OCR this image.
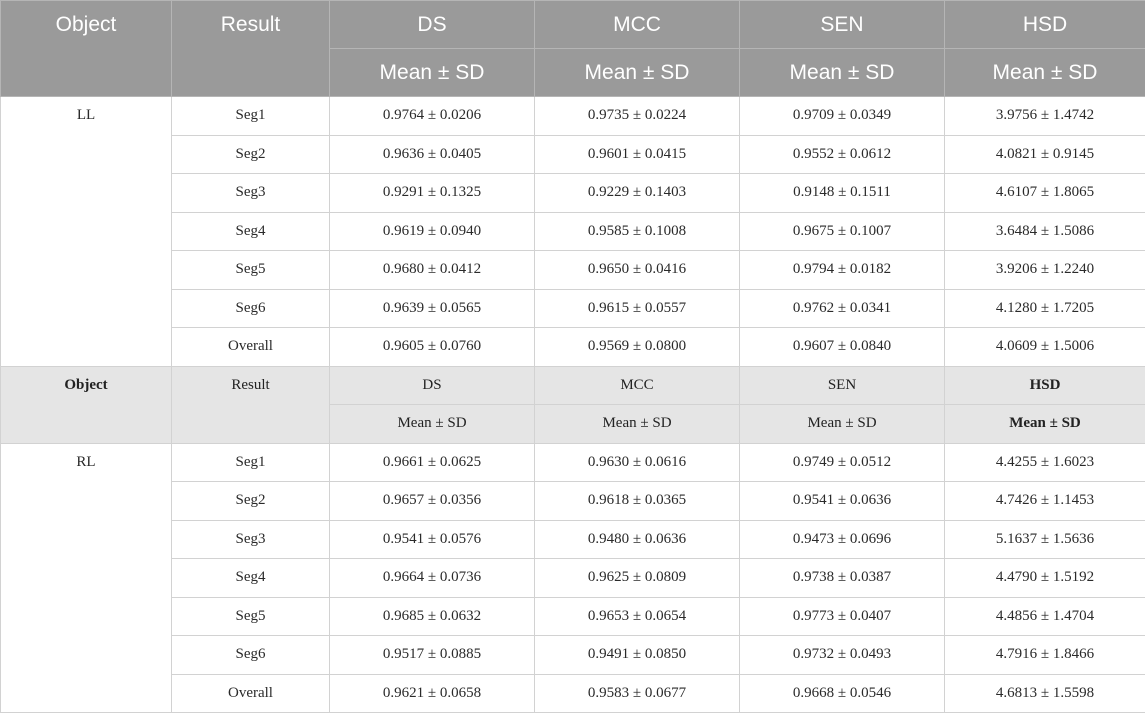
Object	Result	DS	MCC	SEN	HSD
		Mean ± SD	Mean ± SD	Mean ± SD	Mean ± SD
LL	Seg1	0.9764 ± 0.0206	0.9735 ± 0.0224	0.9709 ± 0.0349	3.9756 ± 1.4742
	Seg2	0.9636 ± 0.0405	0.9601 ± 0.0415	0.9552 ± 0.0612	4.0821 ± 0.9145
	Seg3	0.9291 ± 0.1325	0.9229 ± 0.1403	0.9148 ± 0.1511	4.6107 ± 1.8065
	Seg4	0.9619 ± 0.0940	0.9585 ± 0.1008	0.9675 ± 0.1007	3.6484 ± 1.5086
	Seg5	0.9680 ± 0.0412	0.9650 ± 0.0416	0.9794 ± 0.0182	3.9206 ± 1.2240
	Seg6	0.9639 ± 0.0565	0.9615 ± 0.0557	0.9762 ± 0.0341	4.1280 ± 1.7205
	Overall	0.9605 ± 0.0760	0.9569 ± 0.0800	0.9607 ± 0.0840	4.0609 ± 1.5006
Object	Result	DS	MCC	SEN	HSD
		Mean ± SD	Mean ± SD	Mean ± SD	Mean ± SD
RL	Seg1	0.9661 ± 0.0625	0.9630 ± 0.0616	0.9749 ± 0.0512	4.4255 ± 1.6023
	Seg2	0.9657 ± 0.0356	0.9618 ± 0.0365	0.9541 ± 0.0636	4.7426 ± 1.1453
	Seg3	0.9541 ± 0.0576	0.9480 ± 0.0636	0.9473 ± 0.0696	5.1637 ± 1.5636
	Seg4	0.9664 ± 0.0736	0.9625 ± 0.0809	0.9738 ± 0.0387	4.4790 ± 1.5192
	Seg5	0.9685 ± 0.0632	0.9653 ± 0.0654	0.9773 ± 0.0407	4.4856 ± 1.4704
	Seg6	0.9517 ± 0.0885	0.9491 ± 0.0850	0.9732 ± 0.0493	4.7916 ± 1.8466
	Overall	0.9621 ± 0.0658	0.9583 ± 0.0677	0.9668 ± 0.0546	4.6813 ± 1.5598
